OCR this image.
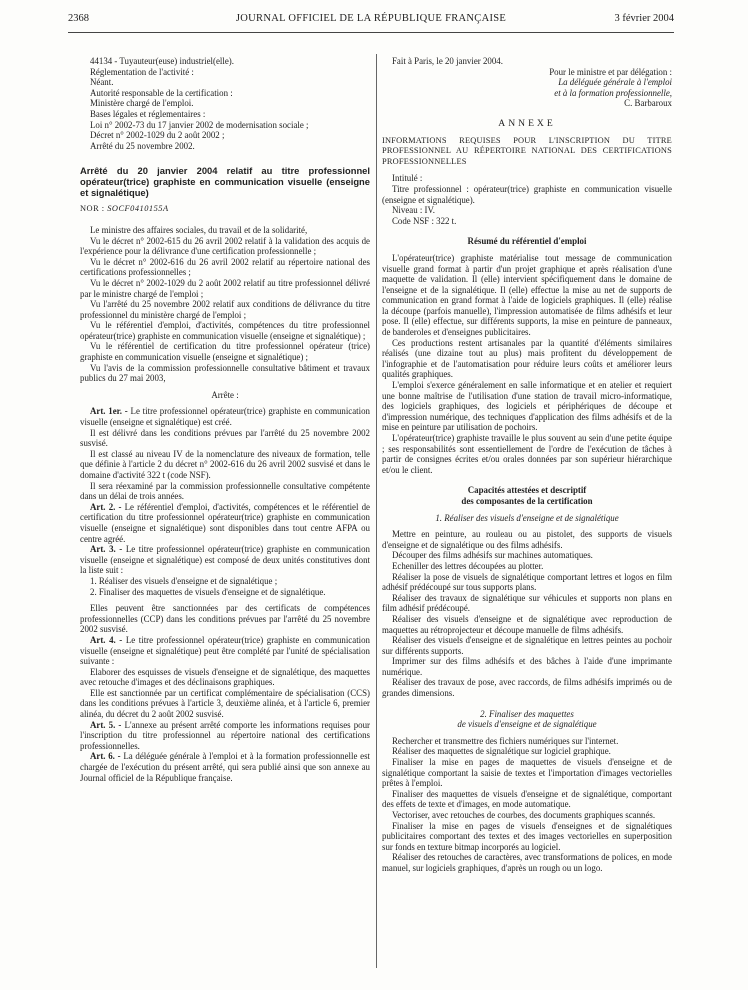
2368	JOURNAL OFFICIEL DE LA RÉPUBLIQUE FRANÇAISE	3 février 2004

44134 - Tuyauteur(euse) industriel(elle).

Réglementation de l'activité :

Néant.

Autorité responsable de la certification :

Ministère chargé de l'emploi.

Bases légales et réglementaires :

Loi n° 2002-73 du 17 janvier 2002 de modernisation sociale ;

Décret n° 2002-1029 du 2 août 2002 ;

Arrêté du 25 novembre 2002.

Arrêté du 20 janvier 2004 relatif au titre professionnel opérateur(trice) graphiste en communication visuelle (enseigne et signalétique)

NOR : SOCF0410155A

Le ministre des affaires sociales, du travail et de la solidarité,

Vu le décret n° 2002-615 du 26 avril 2002 relatif à la validation des acquis de l'expérience pour la délivrance d'une certification professionnelle ;

Vu le décret n° 2002-616 du 26 avril 2002 relatif au répertoire national des certifications professionnelles ;

Vu le décret n° 2002-1029 du 2 août 2002 relatif au titre professionnel délivré par le ministre chargé de l'emploi ;

Vu l'arrêté du 25 novembre 2002 relatif aux conditions de délivrance du titre professionnel du ministère chargé de l'emploi ;

Vu le référentiel d'emploi, d'activités, compétences du titre professionnel opérateur(trice) graphiste en communication visuelle (enseigne et signalétique) ;

Vu le référentiel de certification du titre professionnel opérateur (trice) graphiste en communication visuelle (enseigne et signalétique) ;

Vu l'avis de la commission professionnelle consultative bâtiment et travaux publics du 27 mai 2003,

Arrête :

Art. 1er. - Le titre professionnel opérateur(trice) graphiste en communication visuelle (enseigne et signalétique) est créé.

Il est délivré dans les conditions prévues par l'arrêté du 25 novembre 2002 susvisé.

Il est classé au niveau IV de la nomenclature des niveaux de formation, telle que définie à l'article 2 du décret n° 2002-616 du 26 avril 2002 susvisé et dans le domaine d'activité 322 t (code NSF).

Il sera réexaminé par la commission professionnelle consultative compétente dans un délai de trois années.

Art. 2. - Le référentiel d'emploi, d'activités, compétences et le référentiel de certification du titre professionnel opérateur(trice) graphiste en communication visuelle (enseigne et signalétique) sont disponibles dans tout centre AFPA ou centre agréé.

Art. 3. - Le titre professionnel opérateur(trice) graphiste en communication visuelle (enseigne et signalétique) est composé de deux unités constitutives dont la liste suit :

1. Réaliser des visuels d'enseigne et de signalétique ;

2. Finaliser des maquettes de visuels d'enseigne et de signalétique.

Elles peuvent être sanctionnées par des certificats de compétences professionnelles (CCP) dans les conditions prévues par l'arrêté du 25 novembre 2002 susvisé.

Art. 4. - Le titre professionnel opérateur(trice) graphiste en communication visuelle (enseigne et signalétique) peut être complété par l'unité de spécialisation suivante :

Elaborer des esquisses de visuels d'enseigne et de signalétique, des maquettes avec retouche d'images et des déclinaisons graphiques.

Elle est sanctionnée par un certificat complémentaire de spécialisation (CCS) dans les conditions prévues à l'article 3, deuxième alinéa, et à l'article 6, premier alinéa, du décret du 2 août 2002 susvisé.

Art. 5. - L'annexe au présent arrêté comporte les informations requises pour l'inscription du titre professionnel au répertoire national des certifications professionnelles.

Art. 6. - La déléguée générale à l'emploi et à la formation professionnelle est chargée de l'exécution du présent arrêté, qui sera publié ainsi que son annexe au Journal officiel de la République française.

Fait à Paris, le 20 janvier 2004.

Pour le ministre et par délégation :

La déléguée générale à l'emploi

et à la formation professionnelle,

C. Barbaroux

ANNEXE

INFORMATIONS REQUISES POUR L'INSCRIPTION DU TITRE PROFESSIONNEL AU RÉPERTOIRE NATIONAL DES CERTIFICATIONS PROFESSIONNELLES

Intitulé :

Titre professionnel : opérateur(trice) graphiste en communication visuelle (enseigne et signalétique).

Niveau : IV.

Code NSF : 322 t.

Résumé du référentiel d'emploi

L'opérateur(trice) graphiste matérialise tout message de communication visuelle grand format à partir d'un projet graphique et après réalisation d'une maquette de validation. Il (elle) intervient spécifiquement dans le domaine de l'enseigne et de la signalétique. Il (elle) effectue la mise au net de supports de communication en grand format à l'aide de logiciels graphiques. Il (elle) réalise la découpe (parfois manuelle), l'impression automatisée de films adhésifs et leur pose. Il (elle) effectue, sur différents supports, la mise en peinture de panneaux, de banderoles et d'enseignes publicitaires.

Ces productions restent artisanales par la quantité d'éléments similaires réalisés (une dizaine tout au plus) mais profitent du développement de l'infographie et de l'automatisation pour réduire leurs coûts et améliorer leurs qualités graphiques.

L'emploi s'exerce généralement en salle informatique et en atelier et requiert une bonne maîtrise de l'utilisation d'une station de travail micro-informatique, des logiciels graphiques, des logiciels et périphériques de découpe et d'impression numérique, des techniques d'application des films adhésifs et de la mise en peinture par utilisation de pochoirs.

L'opérateur(trice) graphiste travaille le plus souvent au sein d'une petite équipe ; ses responsabilités sont essentiellement de l'ordre de l'exécution de tâches à partir de consignes écrites et/ou orales données par son supérieur hiérarchique et/ou le client.

Capacités attestées et descriptif

des composantes de la certification

1. Réaliser des visuels d'enseigne et de signalétique

Mettre en peinture, au rouleau ou au pistolet, des supports de visuels d'enseigne et de signalétique ou des films adhésifs.

Découper des films adhésifs sur machines automatiques.

Echeniller des lettres découpées au plotter.

Réaliser la pose de visuels de signalétique comportant lettres et logos en film adhésif prédécoupé sur tous supports plans.

Réaliser des travaux de signalétique sur véhicules et supports non plans en film adhésif prédécoupé.

Réaliser des visuels d'enseigne et de signalétique avec reproduction de maquettes au rétroprojecteur et découpe manuelle de films adhésifs.

Réaliser des visuels d'enseigne et de signalétique en lettres peintes au pochoir sur différents supports.

Imprimer sur des films adhésifs et des bâches à l'aide d'une imprimante numérique.

Réaliser des travaux de pose, avec raccords, de films adhésifs imprimés ou de grandes dimensions.

2. Finaliser des maquettes

de visuels d'enseigne et de signalétique

Rechercher et transmettre des fichiers numériques sur l'internet.

Réaliser des maquettes de signalétique sur logiciel graphique.

Finaliser la mise en pages de maquettes de visuels d'enseigne et de signalétique comportant la saisie de textes et l'importation d'images vectorielles prêtes à l'emploi.

Finaliser des maquettes de visuels d'enseigne et de signalétique, comportant des effets de texte et d'images, en mode automatique.

Vectoriser, avec retouches de courbes, des documents graphiques scannés.

Finaliser la mise en pages de visuels d'enseignes et de signalétiques publicitaires comportant des textes et des images vectorielles en superposition sur fonds en texture bitmap incorporés au logiciel.

Réaliser des retouches de caractères, avec transformations de polices, en mode manuel, sur logiciels graphiques, d'après un rough ou un logo.
